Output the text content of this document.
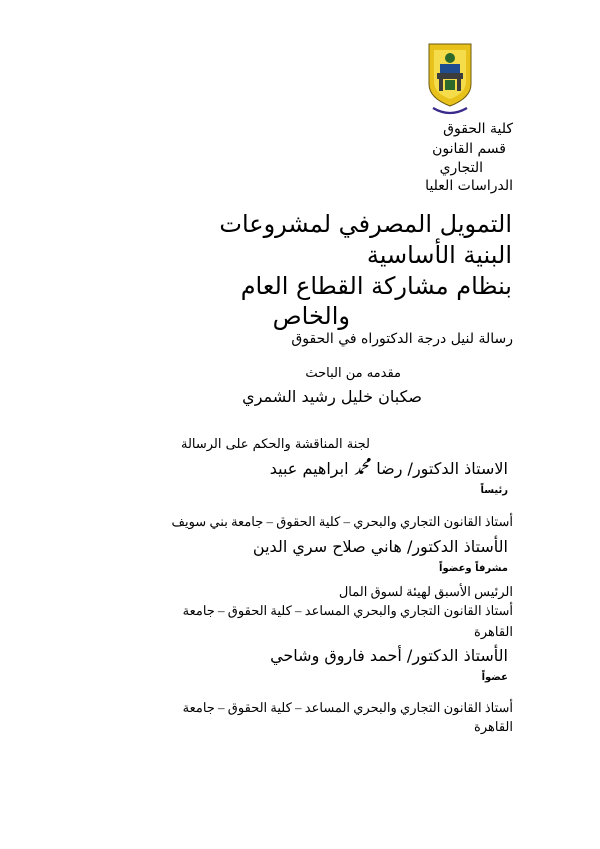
كلية الحقوق
قسم القانون
التجاري
الدراسات العليا
التمويل المصرفي لمشروعات
البنية الأساسية
بنظام مشاركة القطاع العام
والخاص
رسالة لنيل درجة الدكتوراه في الحقوق
مقدمه من الباحث
صكبان خليل رشيد الشمري
لجنة المناقشة والحكم على الرسالة
الاستاذ الدكتور/ رضا ﷴ ابراهيم عبيد
رئيساً
أستاذ القانون التجاري والبحري – كلية الحقوق – جامعة بني سويف
الأستاذ الدكتور/ هاني صلاح سري الدين
مشرفاً وعضواً
الرئيس الأسبق لهيئة لسوق المال
أستاذ القانون التجاري والبحري المساعد – كلية الحقوق – جامعة
القاهرة
الأستاذ الدكتور/ أحمد فاروق وشاحي
عضواً
أستاذ القانون التجاري والبحري المساعد – كلية الحقوق – جامعة
القاهرة
